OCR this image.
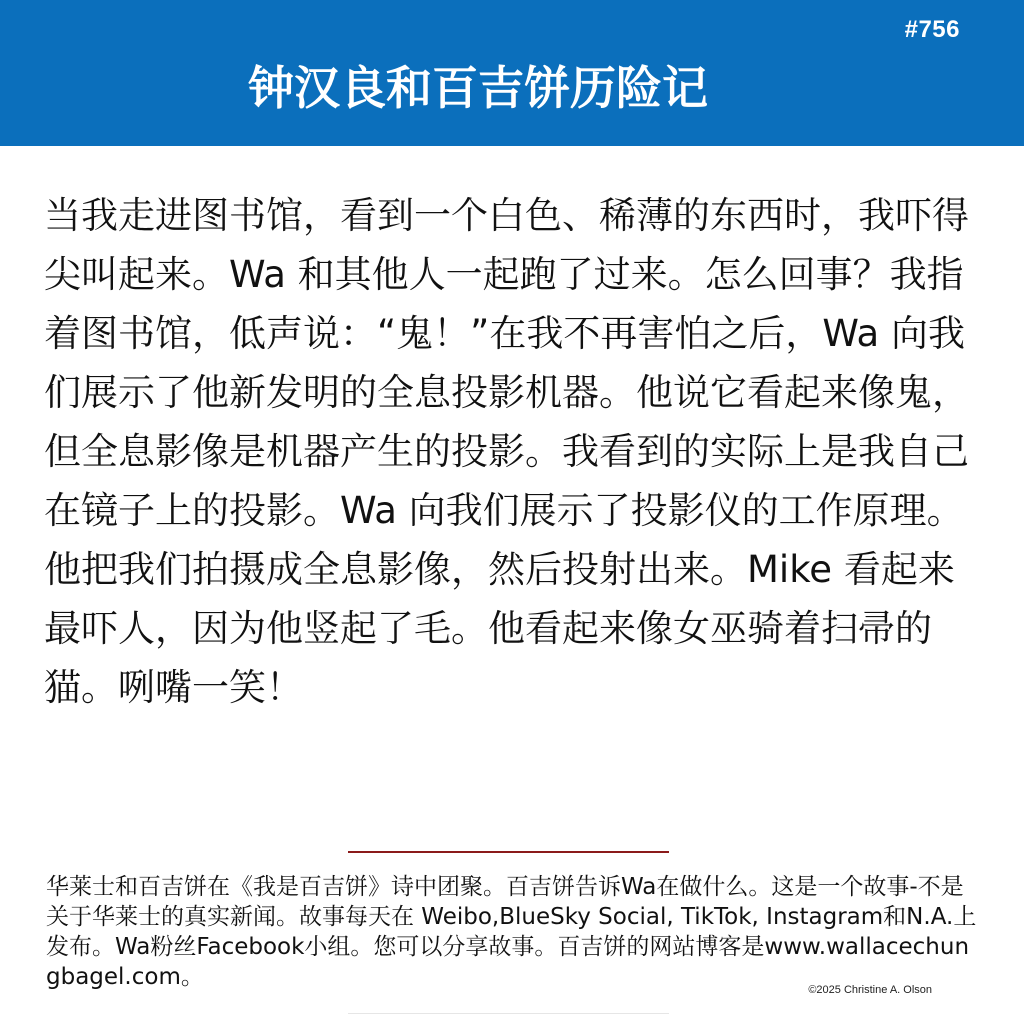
#756
钟汉良和百吉饼历险记

当我走进图书馆，看到一个白色、稀薄的东西时，我吓得尖叫起来。Wa 和其他人一起跑了过来。怎么回事？我指着图书馆，低声说：“鬼！”在我不再害怕之后，Wa 向我们展示了他新发明的全息投影机器。他说它看起来像鬼，但全息影像是机器产生的投影。我看到的实际上是我自己在镜子上的投影。Wa 向我们展示了投影仪的工作原理。他把我们拍摄成全息影像，然后投射出来。Mike 看起来最吓人，因为他竖起了毛。他看起来像女巫骑着扫帚的猫。咧嘴一笑！

华莱士和百吉饼在《我是百吉饼》诗中团聚。百吉饼告诉Wa在做什么。这是一个故事-不是关于华莱士的真实新闻。故事每天在 Weibo,BlueSky Social, TikTok, Instagram和N.A.上发布。Wa粉丝Facebook小组。您可以分享故事。百吉饼的网站博客是www.wallacechungbagel.com。	©2025 Christine A. Olson
